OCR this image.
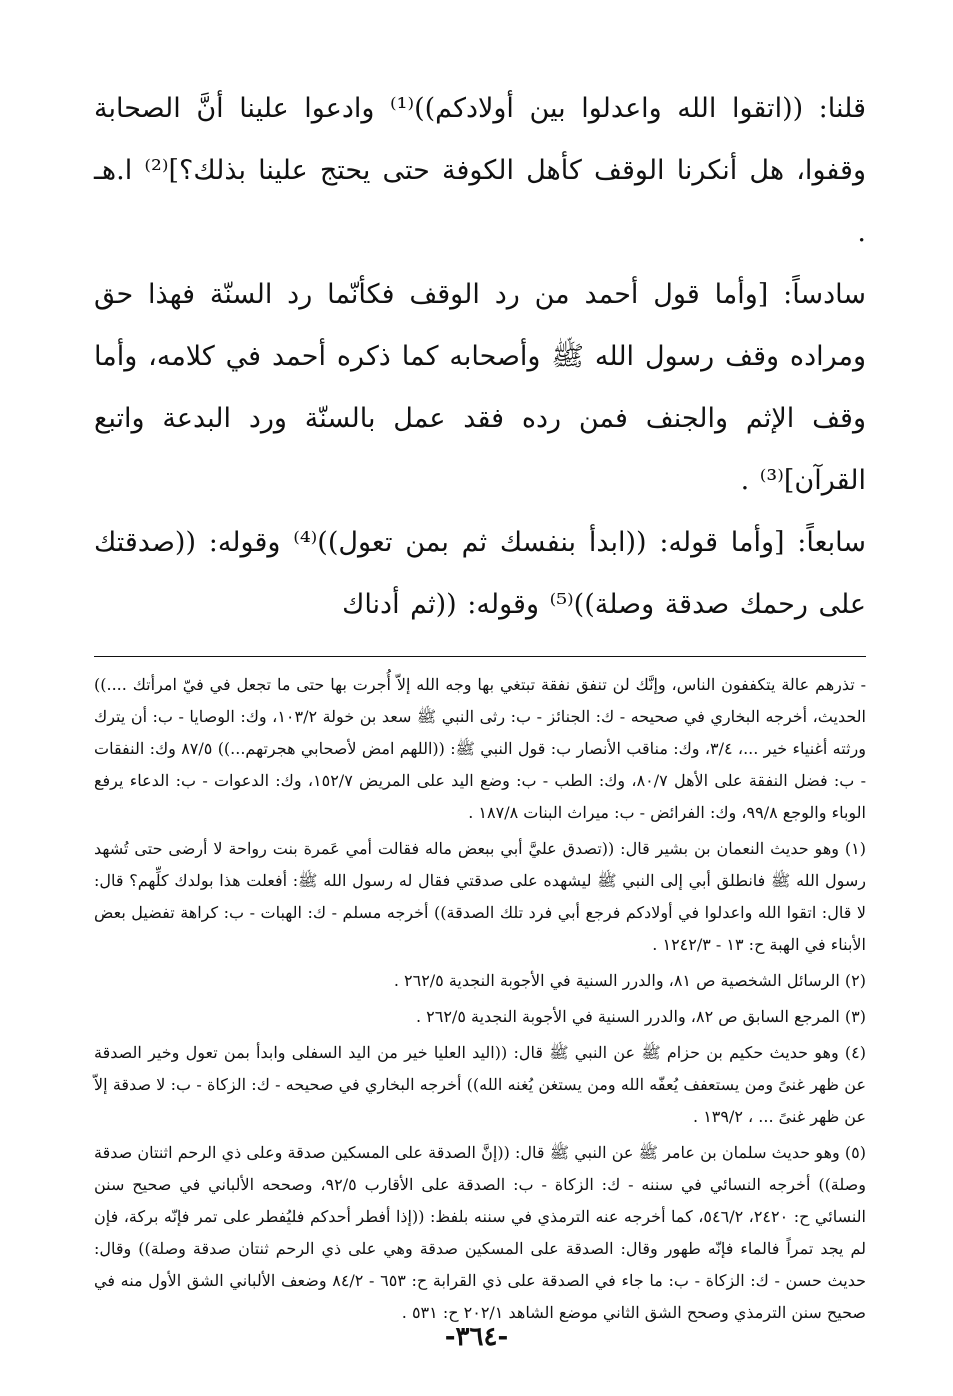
قلنا: ((اتقوا الله واعدلوا بين أولادكم))⁽¹⁾ وادعوا علينا أنَّ الصحابة وقفوا، هل أنكرنا الوقف كأهل الكوفة حتى يحتج علينا بذلك؟]⁽²⁾ ا.هـ .

سادساً: [وأما قول أحمد من رد الوقف فكأنّما رد السنّة فهذا حق ومراده وقف رسول الله ﷺ وأصحابه كما ذكره أحمد في كلامه، وأما وقف الإثم والجنف فمن رده فقد عمل بالسنّة ورد البدعة واتبع القرآن]⁽³⁾ .

سابعاً: [وأما قوله: ((ابدأ بنفسك ثم بمن تعول))⁽⁴⁾ وقوله: ((صدقتك على رحمك صدقة وصلة))⁽⁵⁾ وقوله: ((ثم أدناك

- تذرهم عالة يتكففون الناس، وإنَّك لن تنفق نفقة تبتغي بها وجه الله إلاّ أُجرت بها حتى ما تجعل في فيّ امرأتك ....)) الحديث، أخرجه البخاري في صحيحه - ك: الجنائز - ب: رثى النبي ﷺ سعد بن خولة ١٠٣/٢، وك: الوصايا - ب: أن يترك ورثته أغنياء خير ...، ٣/٤، وك: مناقب الأنصار ب: قول النبي ﷺ: ((اللهم امض لأصحابي هجرتهم...)) ٨٧/٥ وك: النفقات - ب: فضل النفقة على الأهل ٨٠/٧، وك: الطب - ب: وضع اليد على المريض ١٥٢/٧، وك: الدعوات - ب: الدعاء يرفع الوباء والوجع ٩٩/٨، وك: الفرائض - ب: ميراث البنات ١٨٧/٨ .

(١) وهو حديث النعمان بن بشير قال: ((تصدق عليَّ أبي ببعض ماله فقالت أمي عَمرة بنت رواحة لا أرضى حتى تُشهد رسول الله ﷺ فانطلق أبي إلى النبي ﷺ ليشهده على صدقتي فقال له رسول الله ﷺ: أفعلت هذا بولدك كلِّهم؟ قال: لا قال: اتقوا الله واعدلوا في أولادكم فرجع أبي فرد تلك الصدقة)) أخرجه مسلم - ك: الهبات - ب: كراهة تفضيل بعض الأبناء في الهبة ح: ١٣ - ١٢٤٢/٣ .

(٢) الرسائل الشخصية ص ٨١، والدرر السنية في الأجوبة النجدية ٢٦٢/٥ .

(٣) المرجع السابق ص ٨٢، والدرر السنية في الأجوبة النجدية ٢٦٢/٥ .

(٤) وهو حديث حكيم بن حزام ﷺ عن النبي ﷺ قال: ((اليد العليا خير من اليد السفلى وابدأ بمن تعول وخير الصدقة عن ظهر غنىً ومن يستعفف يُعفّه الله ومن يستغن يُغنه الله)) أخرجه البخاري في صحيحه - ك: الزكاة - ب: لا صدقة إلاّ عن ظهر غنىً ... ، ١٣٩/٢ .

(٥) وهو حديث سلمان بن عامر ﷺ عن النبي ﷺ قال: ((إنَّ الصدقة على المسكين صدقة وعلى ذي الرحم اثنتان صدقة وصلة)) أخرجه النسائي في سننه - ك: الزكاة - ب: الصدقة على الأقارب ٩٢/٥، وصححه الألباني في صحيح سنن النسائي ح: ٢٤٢٠، ٥٤٦/٢، كما أخرجه عنه الترمذي في سننه بلفظ: ((إذا أفطر أحدكم فليُفطر على تمر فإنّه بركة، فإن لم يجد تمراً فالماء فإنّه طهور وقال: الصدقة على المسكين صدقة وهي على ذي الرحم ثنتان صدقة وصلة)) وقال: حديث حسن - ك: الزكاة - ب: ما جاء في الصدقة على ذي القرابة ح: ٦٥٣ - ٨٤/٢ وضعف الألباني الشق الأول منه في صحيح سنن الترمذي وصحح الشق الثاني موضع الشاهد ٢٠٢/١ ح: ٥٣١ .

-٣٦٤-
